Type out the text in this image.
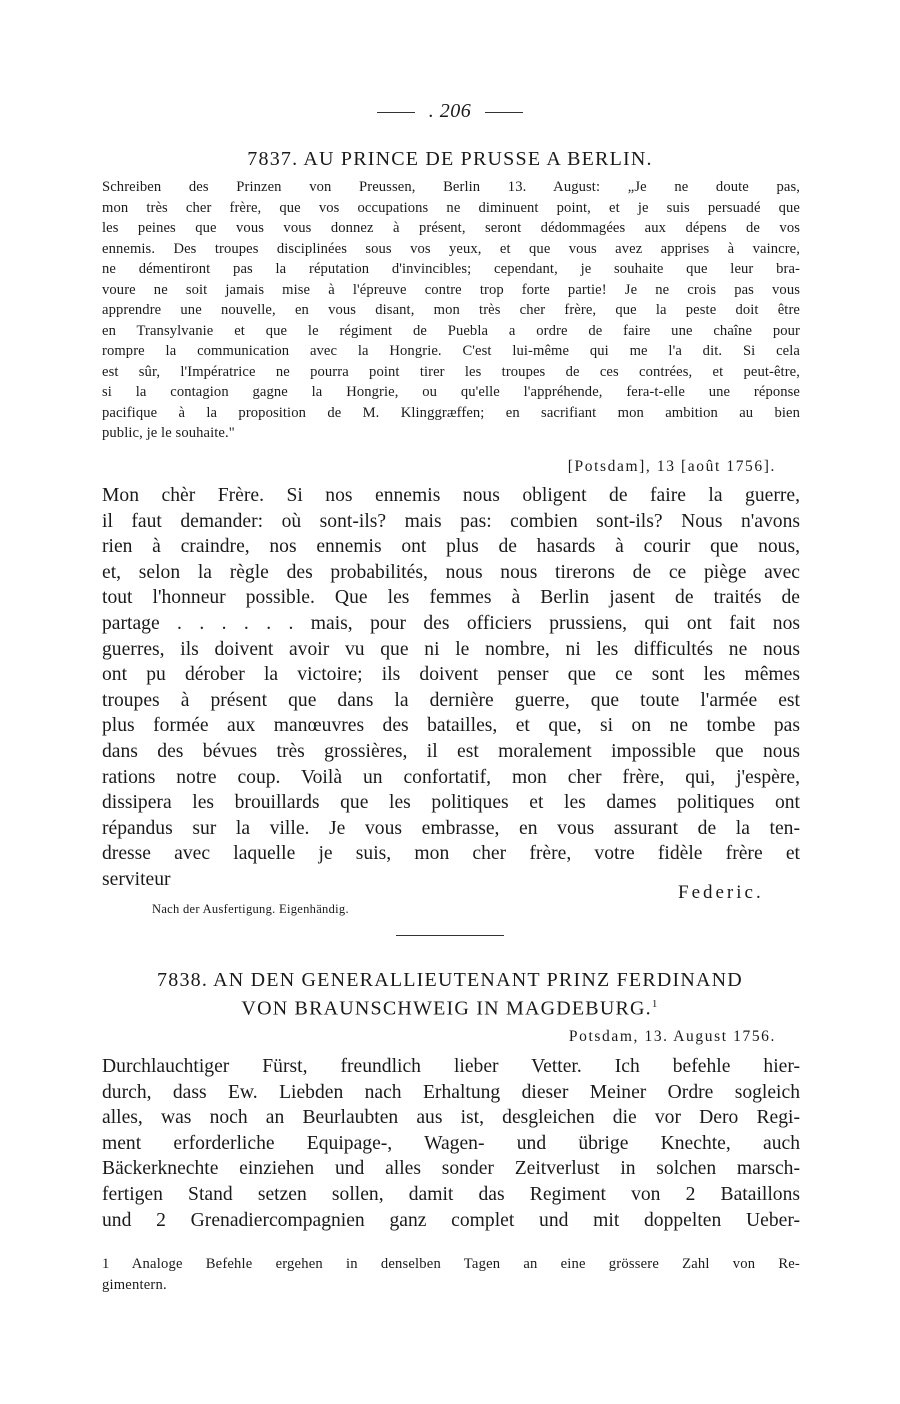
. 206
7837. AU PRINCE DE PRUSSE A BERLIN.
Schreiben des Prinzen von Preussen, Berlin 13. August: „Je ne doute pas,
mon très cher frère, que vos occupations ne diminuent point, et je suis persuadé que
les peines que vous vous donnez à présent, seront dédommagées aux dépens de vos
ennemis. Des troupes disciplinées sous vos yeux, et que vous avez apprises à vaincre,
ne démentiront pas la réputation d'invincibles; cependant, je souhaite que leur bra-
voure ne soit jamais mise à l'épreuve contre trop forte partie! Je ne crois pas vous
apprendre une nouvelle, en vous disant, mon très cher frère, que la peste doit être
en Transylvanie et que le régiment de Puebla a ordre de faire une chaîne pour
rompre la communication avec la Hongrie. C'est lui-même qui me l'a dit. Si cela
est sûr, l'Impératrice ne pourra point tirer les troupes de ces contrées, et peut-être,
si la contagion gagne la Hongrie, ou qu'elle l'appréhende, fera-t-elle une réponse
pacifique à la proposition de M. Klinggræffen; en sacrifiant mon ambition au bien
public, je le souhaite."
[Potsdam], 13 [août 1756].
Mon chèr Frère. Si nos ennemis nous obligent de faire la guerre,
il faut demander: où sont-ils? mais pas: combien sont-ils? Nous n'avons
rien à craindre, nos ennemis ont plus de hasards à courir que nous,
et, selon la règle des probabilités, nous nous tirerons de ce piège avec
tout l'honneur possible. Que les femmes à Berlin jasent de traités de
partage . . . . . . mais, pour des officiers prussiens, qui ont fait nos
guerres, ils doivent avoir vu que ni le nombre, ni les difficultés ne nous
ont pu dérober la victoire; ils doivent penser que ce sont les mêmes
troupes à présent que dans la dernière guerre, que toute l'armée est
plus formée aux manœuvres des batailles, et que, si on ne tombe pas
dans des bévues très grossières, il est moralement impossible que nous
rations notre coup. Voilà un confortatif, mon cher frère, qui, j'espère,
dissipera les brouillards que les politiques et les dames politiques ont
répandus sur la ville. Je vous embrasse, en vous assurant de la ten-
dresse avec laquelle je suis, mon cher frère, votre fidèle frère et
serviteur
Federic.
Nach der Ausfertigung. Eigenhändig.
7838. AN DEN GENERALLIEUTENANT PRINZ FERDINAND
VON BRAUNSCHWEIG IN MAGDEBURG.$^1$
Potsdam, 13. August 1756.
Durchlauchtiger Fürst, freundlich lieber Vetter. Ich befehle hier-
durch, dass Ew. Liebden nach Erhaltung dieser Meiner Ordre sogleich
alles, was noch an Beurlaubten aus ist, desgleichen die vor Dero Regi-
ment erforderliche Equipage-, Wagen- und übrige Knechte, auch
Bäckerknechte einziehen und alles sonder Zeitverlust in solchen marsch-
fertigen Stand setzen sollen, damit das Regiment von 2 Bataillons
und 2 Grenadiercompagnien ganz complet und mit doppelten Ueber-
1 Analoge Befehle ergehen in denselben Tagen an eine grössere Zahl von Re-
gimentern.
